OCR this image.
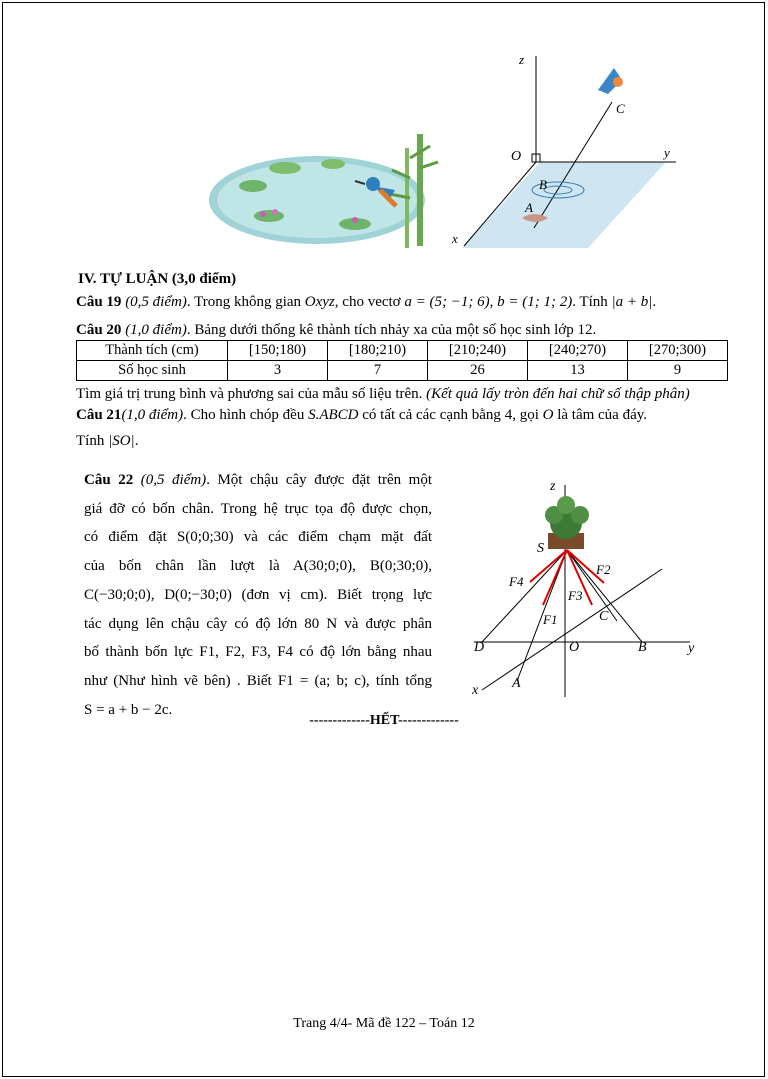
z
y
x
O
B
A
C
IV. TỰ LUẬN (3,0 điểm)
Câu 19 (0,5 điểm). Trong không gian Oxyz, cho vectơ a = (5; −1; 6), b = (1; 1; 2). Tính |a + b|.
Câu 20 (1,0 điểm). Bảng dưới thống kê thành tích nhảy xa của một số học sinh lớp 12.
Thành tích (cm)	[150;180)	[180;210)	[210;240)	[240;270)	[270;300)
Số học sinh	3	7	26	13	9
Tìm giá trị trung bình và phương sai của mẫu số liệu trên. (Kết quả lấy tròn đến hai chữ số thập phân)
Câu 21(1,0 điểm). Cho hình chóp đều S.ABCD có tất cả các cạnh bằng 4, gọi O là tâm của đáy.
Tính |SO|.
Câu 22 (0,5 điểm). Một chậu cây được đặt trên một
giá đỡ có bốn chân. Trong hệ trục tọa độ được chọn,
có điểm đặt S(0;0;30) và các điểm chạm mặt đất
của bốn chân lần lượt là A(30;0;0), B(0;30;0),
C(−30;0;0), D(0;−30;0) (đơn vị cm). Biết trọng lực
tác dụng lên chậu cây có độ lớn 80 N và được phân
bố thành bốn lực F1, F2, F3, F4 có độ lớn bằng nhau
như (Như hình vẽ bên) . Biết F1 = (a; b; c), tính tổng
S = a + b − 2c.
z
y
x
S
O
A
B
C
D
F1
F2
F3
F4
-------------HẾT-------------
Trang 4/4- Mã đề 122 – Toán 12
